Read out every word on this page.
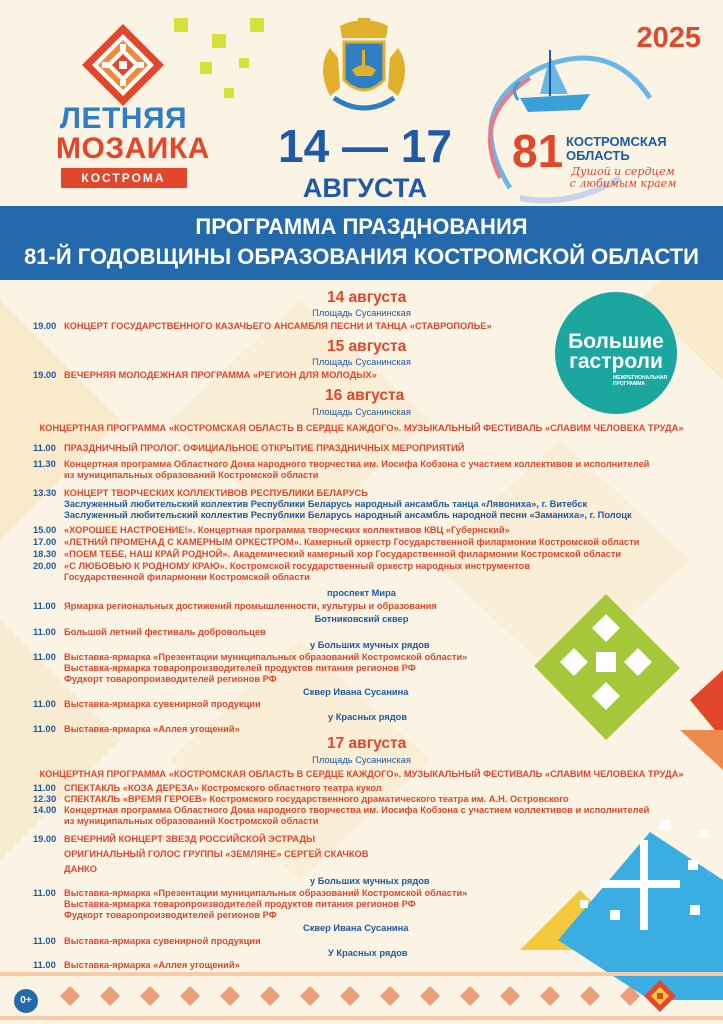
ЛЕТНЯЯ
МОЗАИКА
КОСТРОМА
14 — 17
АВГУСТА
2025
81 КОСТРОМСКАЯ
ОБЛАСТЬ
Душой и сердцем
с любимым краем
ПРОГРАММА ПРАЗДНОВАНИЯ
81-Й ГОДОВЩИНЫ ОБРАЗОВАНИЯ КОСТРОМСКОЙ ОБЛАСТИ
Большие
гастроли
МЕЖРЕГИОНАЛЬНАЯ
ПРОГРАММА
14 августа
Площадь Сусанинская
19.00 КОНЦЕРТ ГОСУДАРСТВЕННОГО КАЗАЧЬЕГО АНСАМБЛЯ ПЕСНИ И ТАНЦА «СТАВРОПОЛЬЕ»
15 августа
Площадь Сусанинская
19.00 ВЕЧЕРНЯЯ МОЛОДЕЖНАЯ ПРОГРАММА «РЕГИОН ДЛЯ МОЛОДЫХ»
16 августа
Площадь Сусанинская
КОНЦЕРТНАЯ ПРОГРАММА «КОСТРОМСКАЯ ОБЛАСТЬ В СЕРДЦЕ КАЖДОГО». МУЗЫКАЛЬНЫЙ ФЕСТИВАЛЬ «СЛАВИМ ЧЕЛОВЕКА ТРУДА»
11.00 ПРАЗДНИЧНЫЙ ПРОЛОГ. ОФИЦИАЛЬНОЕ ОТКРЫТИЕ ПРАЗДНИЧНЫХ МЕРОПРИЯТИЙ
11.30 Концертная программа Областного Дома народного творчества им. Иосифа Кобзона с участием коллективов и исполнителей
из муниципальных образований Костромской области
13.30 КОНЦЕРТ ТВОРЧЕСКИХ КОЛЛЕКТИВОВ РЕСПУБЛИКИ БЕЛАРУСЬ
Заслуженный любительский коллектив Республики Беларусь народный ансамбль танца «Лявониха», г. Витебск
Заслуженный любительский коллектив Республики Беларусь народный ансамбль народной песни «Заманиха», г. Полоцк
15.00 «ХОРОШЕЕ НАСТРОЕНИЕ!». Концертная программа творческих коллективов КВЦ «Губернский»
17.00 «ЛЕТНИЙ ПРОМЕНАД С КАМЕРНЫМ ОРКЕСТРОМ». Камерный оркестр Государственной филармонии Костромской области
18.30 «ПОЕМ ТЕБЕ, НАШ КРАЙ РОДНОЙ». Академический камерный хор Государственной филармонии Костромской области
20.00 «С ЛЮБОВЬЮ К РОДНОМУ КРАЮ». Костромской государственный оркестр народных инструментов
Государственной филармонии Костромской области
проспект Мира
11.00 Ярмарка региональных достижений промышленности, культуры и образования
Ботниковский сквер
11.00 Большой летний фестиваль добровольцев
у Больших мучных рядов
11.00 Выставка-ярмарка «Презентации муниципальных образований Костромской области»
Выставка-ярмарка товаропроизводителей продуктов питания регионов РФ
Фудкорт товаропроизводителей регионов РФ
Сквер Ивана Сусанина
11.00 Выставка-ярмарка сувенирной продукции
у Красных рядов
11.00 Выставка-ярмарка «Аллея угощений»
17 августа
Площадь Сусанинская
КОНЦЕРТНАЯ ПРОГРАММА «КОСТРОМСКАЯ ОБЛАСТЬ В СЕРДЦЕ КАЖДОГО». МУЗЫКАЛЬНЫЙ ФЕСТИВАЛЬ «СЛАВИМ ЧЕЛОВЕКА ТРУДА»
11.00 СПЕКТАКЛЬ «КОЗА ДЕРЕЗА» Костромского областного театра кукол
12.30 СПЕКТАКЛЬ «ВРЕМЯ ГЕРОЕВ» Костромского государственного драматического театра им. А.Н. Островского
14.00 Концертная программа Областного Дома народного творчества им. Иосифа Кобзона с участием коллективов и исполнителей
из муниципальных образований Костромской области
19.00 ВЕЧЕРНИЙ КОНЦЕРТ ЗВЕЗД РОССИЙСКОЙ ЭСТРАДЫ
ОРИГИНАЛЬНЫЙ ГОЛОС ГРУППЫ «ЗЕМЛЯНЕ» СЕРГЕЙ СКАЧКОВ
ДАНКО
у Больших мучных рядов
11.00 Выставка-ярмарка «Презентации муниципальных образований Костромской области»
Выставка-ярмарка товаропроизводителей продуктов питания регионов РФ
Фудкорт товаропроизводителей регионов РФ
Сквер Ивана Сусанина
11.00 Выставка-ярмарка сувенирной продукции
У Красных рядов
11.00 Выставка-ярмарка «Аллея угощений»
0+
